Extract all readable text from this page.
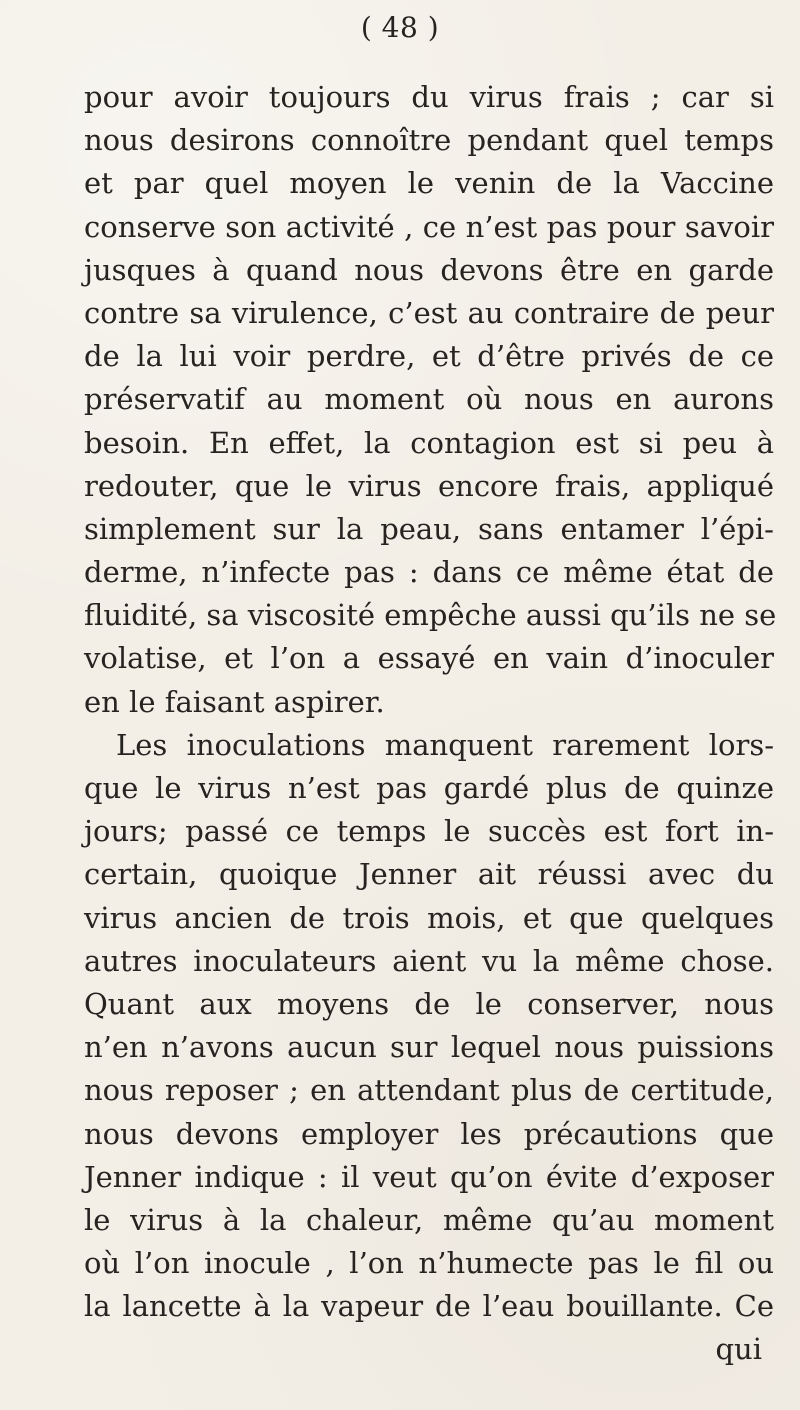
( 48 )
pour avoir toujours du virus frais ; car si
nous desirons connoître pendant quel temps
et par quel moyen le venin de la Vaccine
conserve son activité , ce n’est pas pour savoir
jusques à quand nous devons être en garde
contre sa virulence, c’est au contraire de peur
de la lui voir perdre, et d’être privés de ce
préservatif au moment où nous en aurons
besoin. En effet, la contagion est si peu à
redouter, que le virus encore frais, appliqué
simplement sur la peau, sans entamer l’épi-
derme, n’infecte pas : dans ce même état de
fluidité, sa viscosité empêche aussi qu’ils ne se
volatise, et l’on a essayé en vain d’inoculer
en le faisant aspirer.
Les inoculations manquent rarement lors-
que le virus n’est pas gardé plus de quinze
jours; passé ce temps le succès est fort in-
certain, quoique Jenner ait réussi avec du
virus ancien de trois mois, et que quelques
autres inoculateurs aient vu la même chose.
Quant aux moyens de le conserver, nous
n’en n’avons aucun sur lequel nous puissions
nous reposer ; en attendant plus de certitude,
nous devons employer les précautions que
Jenner indique : il veut qu’on évite d’exposer
le virus à la chaleur, même qu’au moment
où l’on inocule , l’on n’humecte pas le fil ou
la lancette à la vapeur de l’eau bouillante. Ce
qui
